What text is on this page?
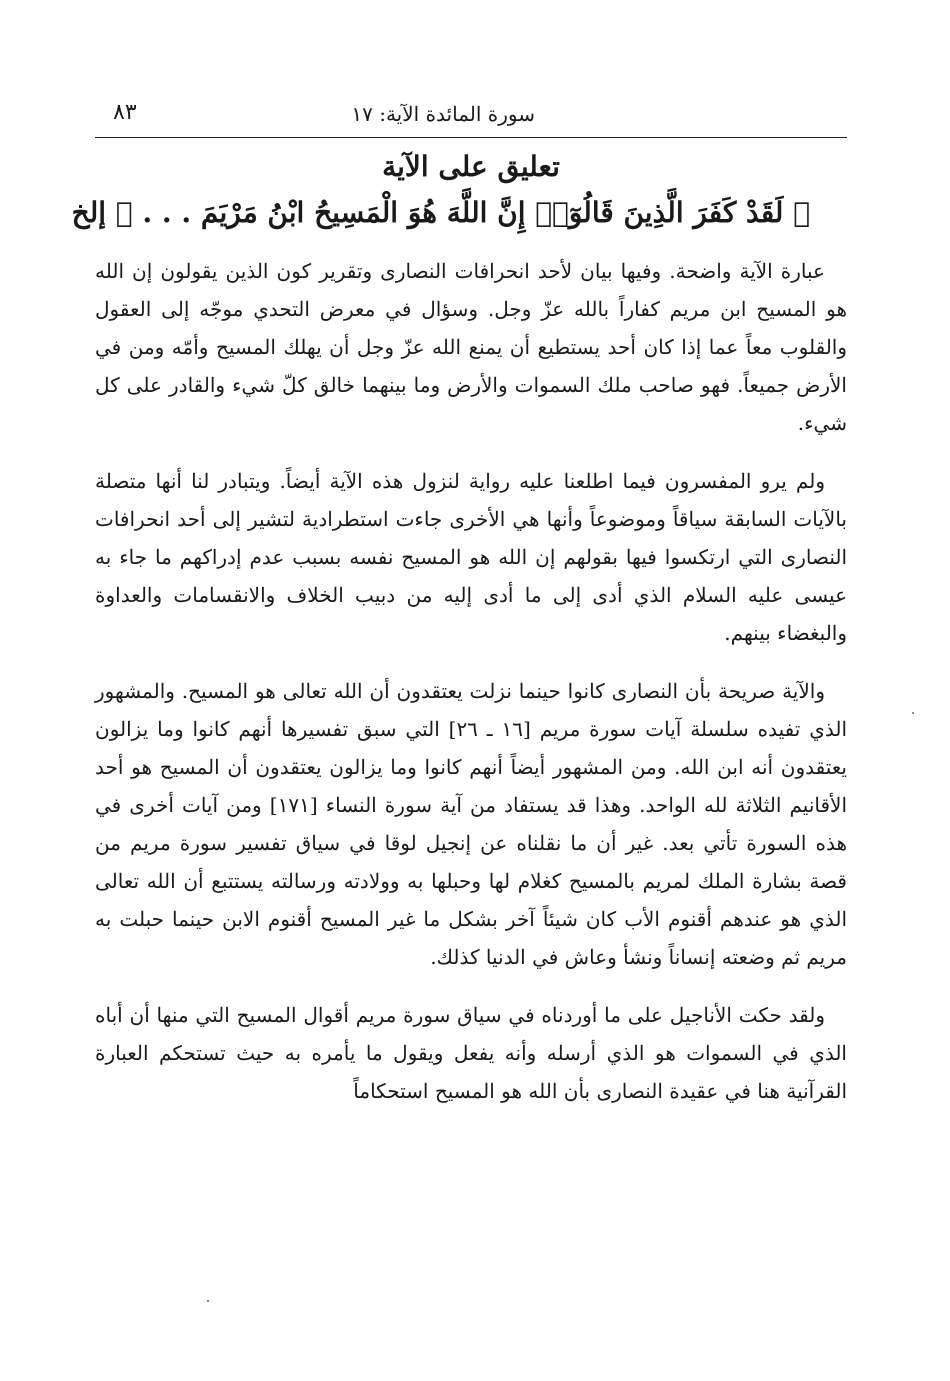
سورة المائدة الآية: ١٧
٨٣
تعليق على الآية
﴿ لَقَدْ كَفَرَ الَّذِينَ قَالُوٓا۟ إِنَّ اللَّهَ هُوَ الْمَسِيحُ ابْنُ مَرْيَمَ . . . ﴾ إلخ

عبارة الآية واضحة. وفيها بيان لأحد انحرافات النصارى وتقرير كون الذين يقولون إن الله هو المسيح ابن مريم كفاراً بالله عزّ وجل. وسؤال في معرض التحدي موجّه إلى العقول والقلوب معاً عما إذا كان أحد يستطيع أن يمنع الله عزّ وجل أن يهلك المسيح وأمّه ومن في الأرض جميعاً. فهو صاحب ملك السموات والأرض وما بينهما خالق كلّ شيء والقادر على كل شيء.

ولم يرو المفسرون فيما اطلعنا عليه رواية لنزول هذه الآية أيضاً. ويتبادر لنا أنها متصلة بالآيات السابقة سياقاً وموضوعاً وأنها هي الأخرى جاءت استطرادية لتشير إلى أحد انحرافات النصارى التي ارتكسوا فيها بقولهم إن الله هو المسيح نفسه بسبب عدم إدراكهم ما جاء به عيسى عليه السلام الذي أدى إلى ما أدى إليه من دبيب الخلاف والانقسامات والعداوة والبغضاء بينهم.

والآية صريحة بأن النصارى كانوا حينما نزلت يعتقدون أن الله تعالى هو المسيح. والمشهور الذي تفيده سلسلة آيات سورة مريم [١٦ ـ ٢٦] التي سبق تفسيرها أنهم كانوا وما يزالون يعتقدون أنه ابن الله. ومن المشهور أيضاً أنهم كانوا وما يزالون يعتقدون أن المسيح هو أحد الأقانيم الثلاثة لله الواحد. وهذا قد يستفاد من آية سورة النساء [١٧١] ومن آيات أخرى في هذه السورة تأتي بعد. غير أن ما نقلناه عن إنجيل لوقا في سياق تفسير سورة مريم من قصة بشارة الملك لمريم بالمسيح كغلام لها وحبلها به وولادته ورسالته يستتبع أن الله تعالى الذي هو عندهم أقنوم الأب كان شيئاً آخر بشكل ما غير المسيح أقنوم الابن حينما حبلت به مريم ثم وضعته إنساناً ونشأ وعاش في الدنيا كذلك.

ولقد حكت الأناجيل على ما أوردناه في سياق سورة مريم أقوال المسيح التي منها أن أباه الذي في السموات هو الذي أرسله وأنه يفعل ويقول ما يأمره به حيث تستحكم العبارة القرآنية هنا في عقيدة النصارى بأن الله هو المسيح استحكاماً
